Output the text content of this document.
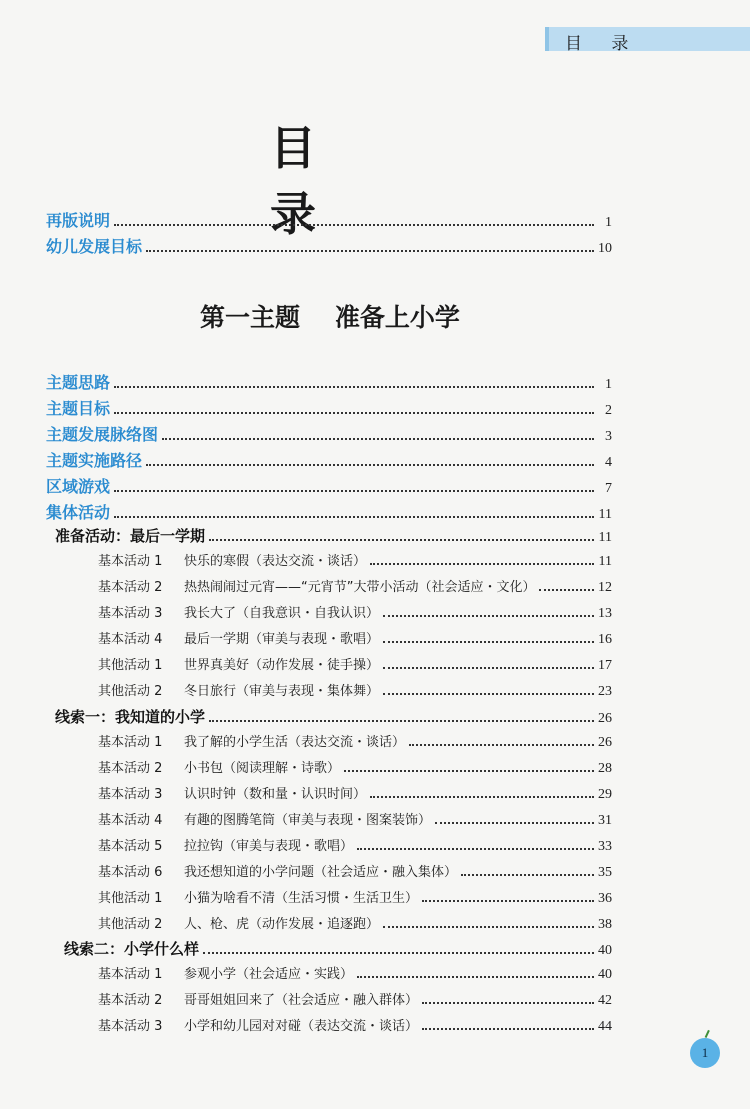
目 录
目录
再版说明	1
幼儿发展目标	10
第一主题    准备上小学
主题思路	1
主题目标	2
主题发展脉络图	3
主题实施路径	4
区域游戏	7
集体活动	11
准备活动：最后一学期	11
基本活动 1 快乐的寒假（表达交流・谈话）	11
基本活动 2 热热闹闹过元宵——“元宵节”大带小活动（社会适应・文化）	12
基本活动 3 我长大了（自我意识・自我认识）	13
基本活动 4 最后一学期（审美与表现・歌唱）	16
其他活动 1 世界真美好（动作发展・徒手操）	17
其他活动 2 冬日旅行（审美与表现・集体舞）	23
线索一：我知道的小学	26
基本活动 1 我了解的小学生活（表达交流・谈话）	26
基本活动 2 小书包（阅读理解・诗歌）	28
基本活动 3 认识时钟（数和量・认识时间）	29
基本活动 4 有趣的图腾笔筒（审美与表现・图案装饰）	31
基本活动 5 拉拉钩（审美与表现・歌唱）	33
基本活动 6 我还想知道的小学问题（社会适应・融入集体）	35
其他活动 1 小猫为啥看不清（生活习惯・生活卫生）	36
其他活动 2 人、枪、虎（动作发展・追逐跑）	38
线索二：小学什么样	40
基本活动 1 参观小学（社会适应・实践）	40
基本活动 2 哥哥姐姐回来了（社会适应・融入群体）	42
基本活动 3 小学和幼儿园对对碰（表达交流・谈话）	44
1
